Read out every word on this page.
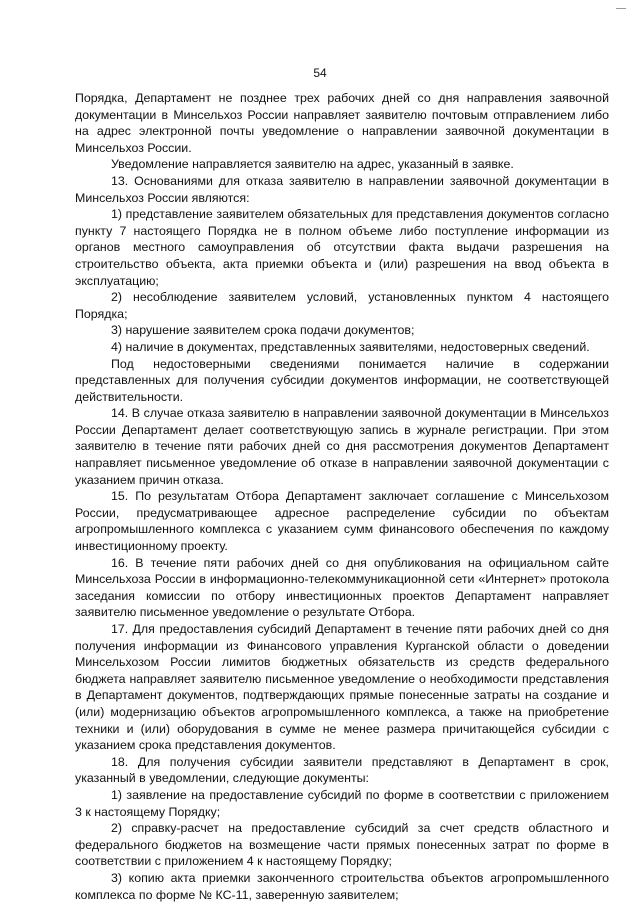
54

Порядка, Департамент не позднее трех рабочих дней со дня направления заявочной документации в Минсельхоз России направляет заявителю почтовым отправлением либо на адрес электронной почты уведомление о направлении заявочной документации в Минсельхоз России.

Уведомление направляется заявителю на адрес, указанный в заявке.

13. Основаниями для отказа заявителю в направлении заявочной документации в Минсельхоз России являются:

1) представление заявителем обязательных для представления документов согласно пункту 7 настоящего Порядка не в полном объеме либо поступление информации из органов местного самоуправления об отсутствии факта выдачи разрешения на строительство объекта, акта приемки объекта и (или) разрешения на ввод объекта в эксплуатацию;

2) несоблюдение заявителем условий, установленных пунктом 4 настоящего Порядка;

3) нарушение заявителем срока подачи документов;

4) наличие в документах, представленных заявителями, недостоверных сведений.

Под недостоверными сведениями понимается наличие в содержании представленных для получения субсидии документов информации, не соответствующей действительности.

14. В случае отказа заявителю в направлении заявочной документации в Минсельхоз России Департамент делает соответствующую запись в журнале регистрации. При этом заявителю в течение пяти рабочих дней со дня рассмотрения документов Департамент направляет письменное уведомление об отказе в направлении заявочной документации с указанием причин отказа.

15. По результатам Отбора Департамент заключает соглашение с Минсельхозом России, предусматривающее адресное распределение субсидии по объектам агропромышленного комплекса с указанием сумм финансового обеспечения по каждому инвестиционному проекту.

16. В течение пяти рабочих дней со дня опубликования на официальном сайте Минсельхоза России в информационно-телекоммуникационной сети «Интернет» протокола заседания комиссии по отбору инвестиционных проектов Департамент направляет заявителю письменное уведомление о результате Отбора.

17. Для предоставления субсидий Департамент в течение пяти рабочих дней со дня получения информации из Финансового управления Курганской области о доведении Минсельхозом России лимитов бюджетных обязательств из средств федерального бюджета направляет заявителю письменное уведомление о необходимости представления в Департамент документов, подтверждающих прямые понесенные затраты на создание и (или) модернизацию объектов агропромышленного комплекса, а также на приобретение техники и (или) оборудования в сумме не менее размера причитающейся субсидии с указанием срока представления документов.

18. Для получения субсидии заявители представляют в Департамент в срок, указанный в уведомлении, следующие документы:

1) заявление на предоставление субсидий по форме в соответствии с приложением 3 к настоящему Порядку;

2) справку-расчет на предоставление субсидий за счет средств областного и федерального бюджетов на возмещение части прямых понесенных затрат по форме в соответствии с приложением 4 к настоящему Порядку;

3) копию акта приемки законченного строительства объектов агропромышленного комплекса по форме № КС-11, заверенную заявителем;
